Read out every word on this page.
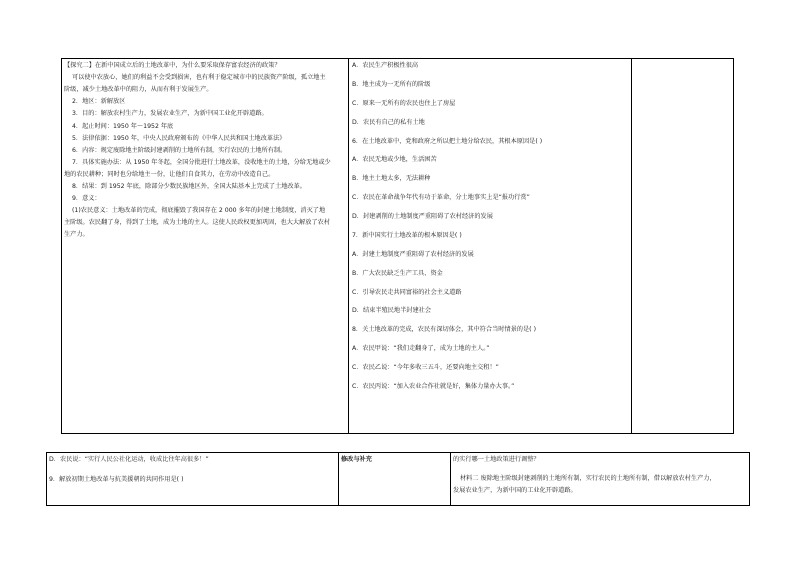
【探究二】在新中国成立后的土地改革中，为什么要采取保存富农经济的政策？
可以使中农放心，她们的利益不会受到损害，也有利于稳定城市中的民族资产阶级，孤立地主
阶级，减少土地改革中的阻力，从而有利于发展生产。
2．地区：新解放区
3．目的：解放农村生产力，发展农业生产，为新中国工业化开辟道路。
4．起止时间：1950 年～1952 年底
5．法律依据：1950 年，中央人民政府颁布的《中华人民共和国土地改革法》
6．内容：规定废除地主阶级封建剥削的土地所有制，实行农民的土地所有制。
7．具体实施办法：从 1950 年冬起，全国分批进行土地改革，没收地主的土地，分给无地或少
地的农民耕种；同时也分给地主一份，让他们自食其力，在劳动中改造自己。
8．结果：到 1952 年底，除部分少数民族地区外，全国大陆基本上完成了土地改革。
9．意义：
(1)农民意义：土地改革的完成，彻底摧毁了我国存在 2 000 多年的封建土地制度，消灭了地
主阶级。农民翻了身，得到了土地，成为土地的主人。这使人民政权更加巩固，也大大解放了农村
生产力。
A．农民生产积极性很高
B．地主成为一无所有的阶级
C．原来一无所有的农民也住上了房屋
D．农民有自己的私有土地
6．在土地改革中，党和政府之所以把土地分给农民，其根本原因是( )
A．农民无地或少地，生活困苦
B．地主土地太多，无法耕种
C．农民在革命战争年代有功于革命，分土地事实上是“报功行赏”
D．封建剥削的土地制度严重阻碍了农村经济的发展
7．新中国实行土地改革的根本原因是( )
A．封建土地制度严重阻碍了农村经济的发展
B．广大农民缺乏生产工具、资金
C．引导农民走共同富裕的社会主义道路
D．结束半殖民地半封建社会
8．关土地改革的完成，农民有深切体会，其中符合当时情景的是( )
A．农民甲说：“我们走翻身了，成为土地的主人。”
C．农民乙说：“今年多收三五斗，还要向地主交租！”
C．农民丙说：“加入农业合作社就是好，集体力量办大事。”
D．农民说：“实行人民公社化运动，收成比往年高很多！”
9．解放初期土地改革与抗美援朝的共同作用是( )
修改与补充	的实行哪一土地政策进行调整？
材料二 废除地主阶级封建剥削的土地所有制，实行农民的土地所有制，借以解放农村生产力，
发展农业生产，为新中国的工业化开辟道路。
